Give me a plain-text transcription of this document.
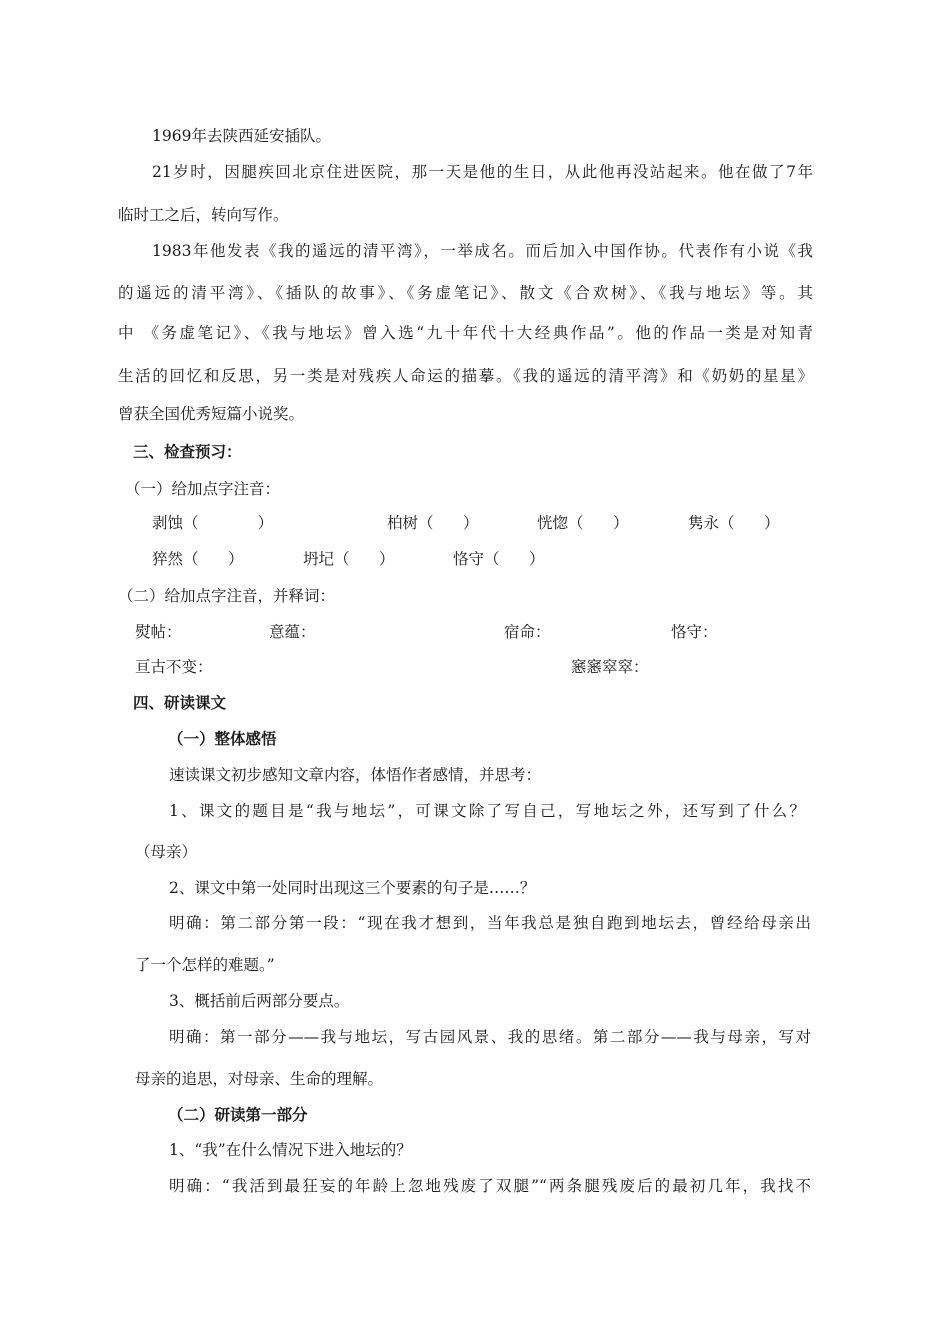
1969年去陕西延安插队。

21岁时，因腿疾回北京住进医院，那一天是他的生日，从此他再没站起来。他在做了7年

临时工之后，转向写作。

1983年他发表《我的遥远的清平湾》，一举成名。而后加入中国作协。代表作有小说《我

的遥远的清平湾》、《插队的故事》、《务虚笔记》、散文《合欢树》、《我与地坛》等。其

中 《务虚笔记》、《我与地坛》曾入选“九十年代十大经典作品”。他的作品一类是对知青

生活的回忆和反思，另一类是对残疾人命运的描摹。《我的遥远的清平湾》和《奶奶的星星》

曾获全国优秀短篇小说奖。

三、检查预习：

（一）给加点字注音：

剥蚀（            ）	柏树（      ）	恍惚（      ）	隽永（      ）
猝然（      ）	坍圮（      ）	恪守（      ）

（二）给加点字注音，并释词：

熨帖：	意蕴：	宿命：	恪守：
亘古不变：	窸窸窣窣：

四、研读课文

（一）整体感悟

速读课文初步感知文章内容，体悟作者感情，并思考：

1、课文的题目是“我与地坛”，可课文除了写自己，写地坛之外，还写到了什么？

（母亲）

2、课文中第一处同时出现这三个要素的句子是……？

明确：第二部分第一段：“现在我才想到，当年我总是独自跑到地坛去，曾经给母亲出

了一个怎样的难题。”

3、概括前后两部分要点。

明确：第一部分——我与地坛，写古园风景、我的思绪。第二部分——我与母亲，写对

母亲的追思，对母亲、生命的理解。

（二）研读第一部分

1、“我”在什么情况下进入地坛的？

明确：“我活到最狂妄的年龄上忽地残废了双腿”“两条腿残废后的最初几年，我找不
